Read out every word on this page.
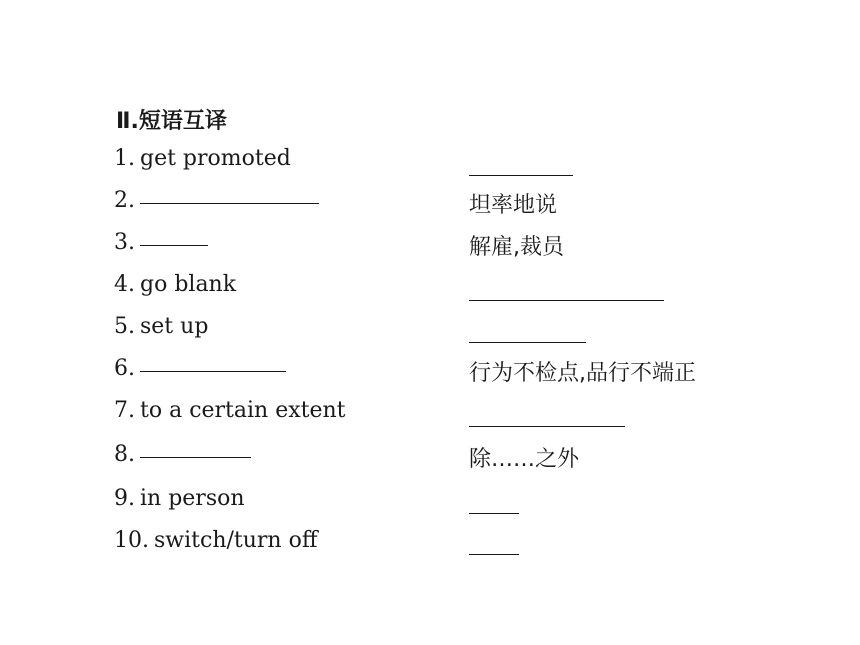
Ⅱ.短语互译
1. get promoted
2.	坦率地说
3.	解雇,裁员
4. go blank
5. set up
6.	行为不检点,品行不端正
7. to a certain extent
8.	除……之外
9. in person
10. switch/turn off
